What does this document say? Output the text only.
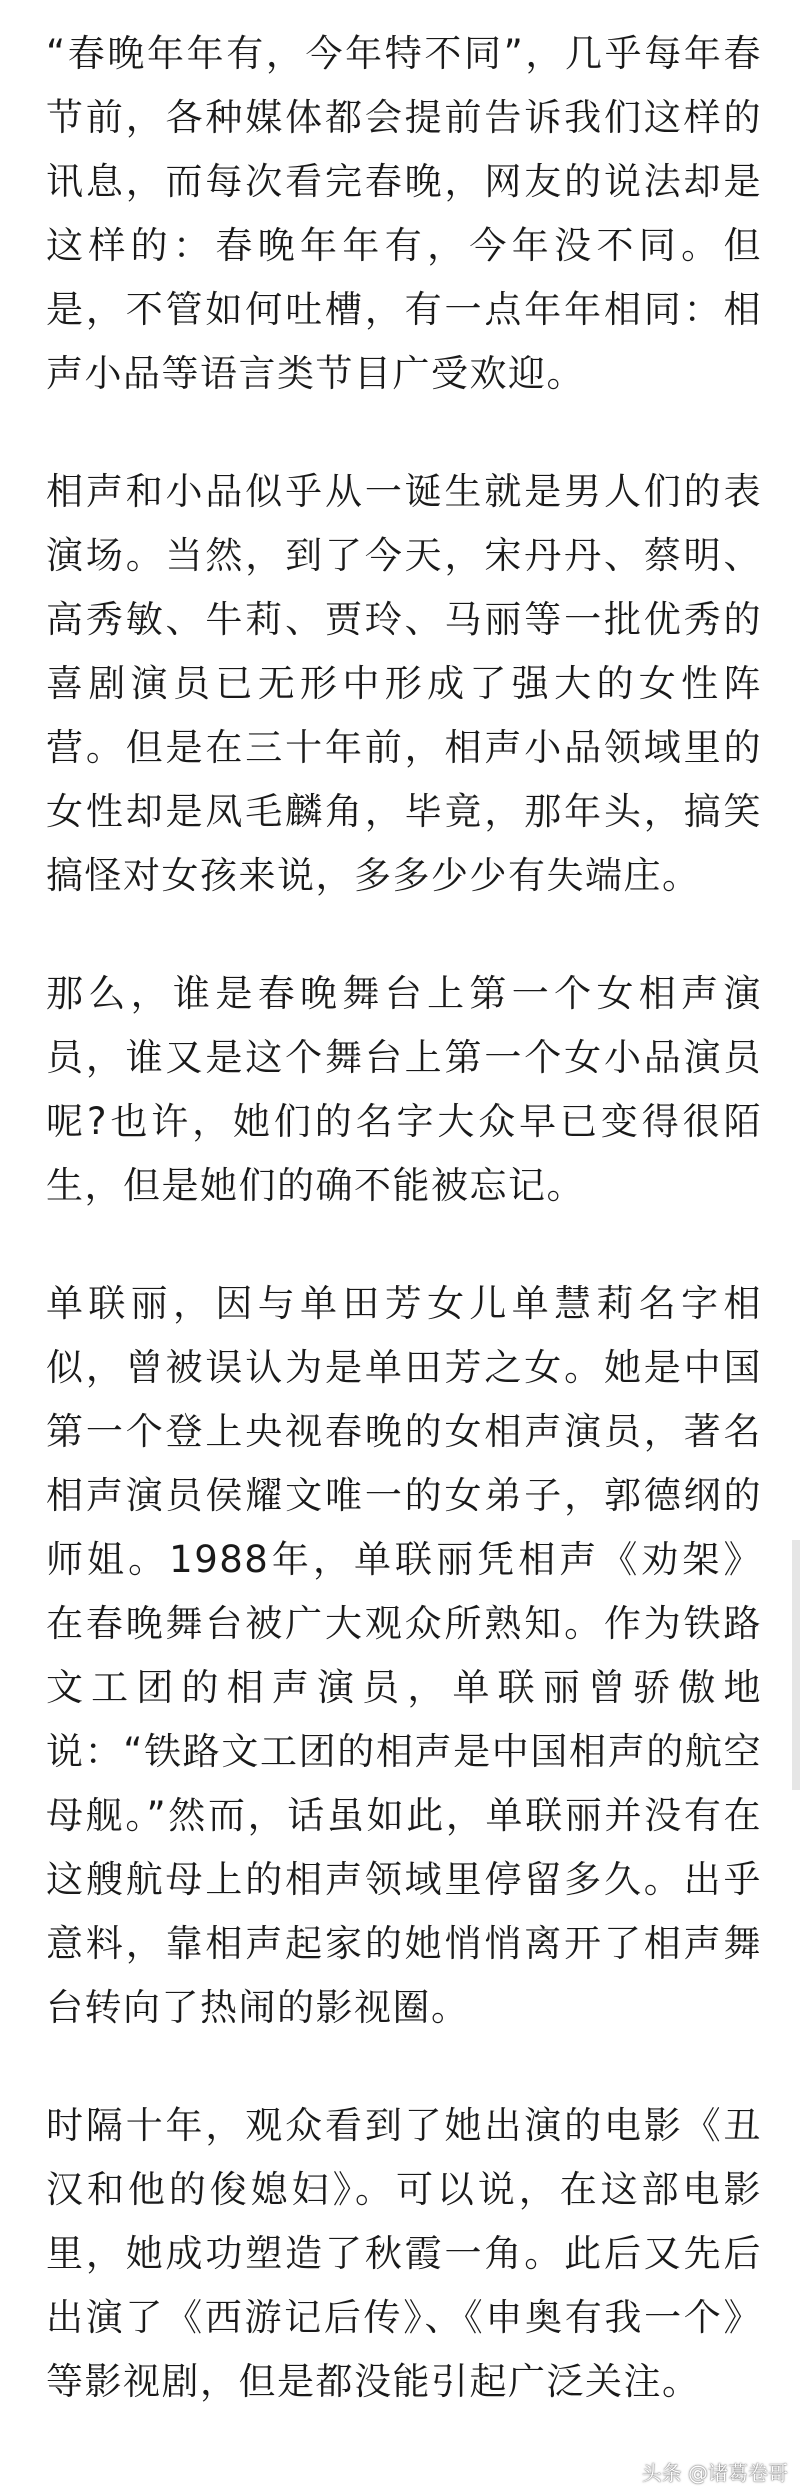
“春晚年年有，今年特不同”，几乎每年春节前，各种媒体都会提前告诉我们这样的讯息，而每次看完春晚，网友的说法却是这样的：春晚年年有，今年没不同。但是，不管如何吐槽，有一点年年相同：相声小品等语言类节目广受欢迎。

相声和小品似乎从一诞生就是男人们的表演场。当然，到了今天，宋丹丹、蔡明、高秀敏、牛莉、贾玲、马丽等一批优秀的喜剧演员已无形中形成了强大的女性阵营。但是在三十年前，相声小品领域里的女性却是凤毛麟角，毕竟，那年头，搞笑搞怪对女孩来说，多多少少有失端庄。

那么，谁是春晚舞台上第一个女相声演员，谁又是这个舞台上第一个女小品演员呢?也许，她们的名字大众早已变得很陌生，但是她们的确不能被忘记。

单联丽，因与单田芳女儿单慧莉名字相似，曾被误认为是单田芳之女。她是中国第一个登上央视春晚的女相声演员，著名相声演员侯耀文唯一的女弟子，郭德纲的师姐。1988年，单联丽凭相声《劝架》在春晚舞台被广大观众所熟知。作为铁路文工团的相声演员，单联丽曾骄傲地说：“铁路文工团的相声是中国相声的航空母舰。”然而，话虽如此，单联丽并没有在这艘航母上的相声领域里停留多久。出乎意料，靠相声起家的她悄悄离开了相声舞台转向了热闹的影视圈。

时隔十年，观众看到了她出演的电影《丑汉和他的俊媳妇》。可以说，在这部电影里，她成功塑造了秋霞一角。此后又先后出演了《西游记后传》、《申奥有我一个》等影视剧，但是都没能引起广泛关注。

头条 @诸葛卷哥
